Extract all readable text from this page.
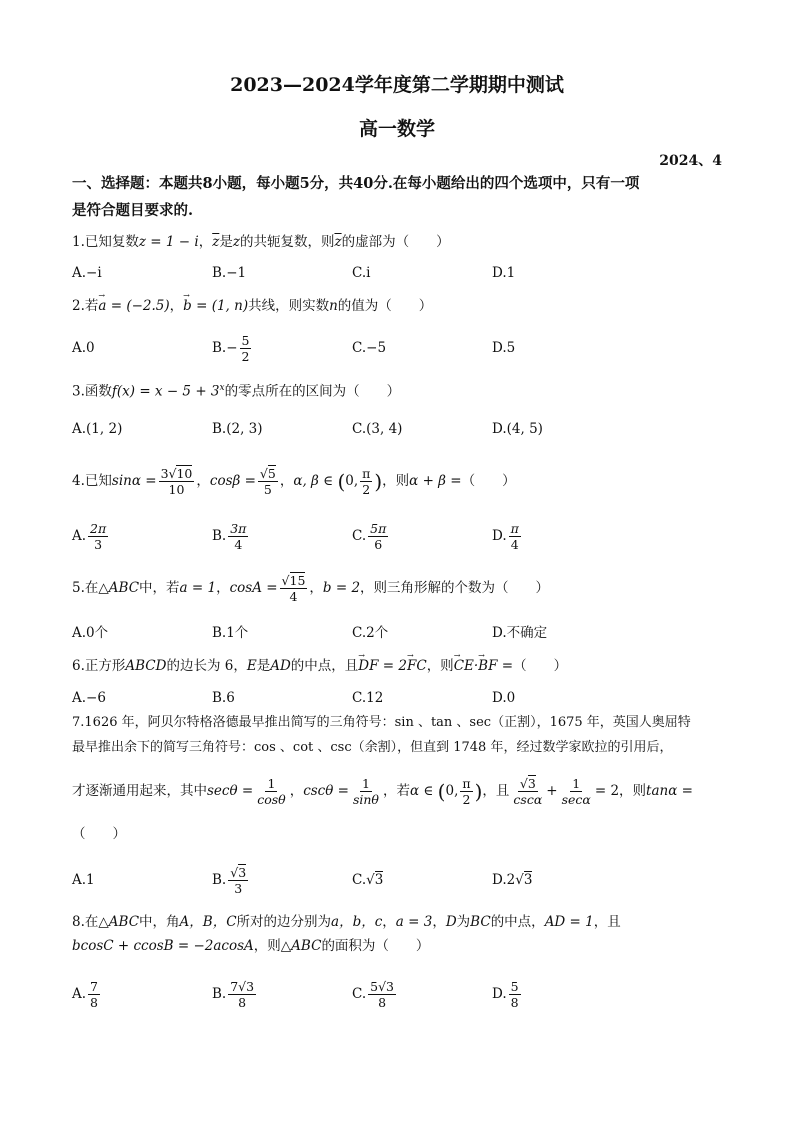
2023—2024学年度第二学期期中测试
高一数学
2024、4
一、选择题：本题共8小题，每小题5分，共40分.在每小题给出的四个选项中，只有一项
是符合题目要求的.
1.已知复数z = 1 − i，$\overline{z}$是z的共轭复数，则$\overline{z}$的虚部为（　　）
A.−i	B.−1	C.i	D.1
2.若→ a = (−2.5)，→ b = (1, n)共线，则实数n的值为（　　）
A.0	$B.- \frac{5}{2}$	C.−5	D.5
3.函数$f(x) = x - 5 + 3^x$的零点所在的区间为（　　）
A.(1, 2)	B.(2, 3)	C.(3, 4)	D.(4, 5)
4.已知$\sin\alpha = \frac{3√10}{10}$ ，$\cos\beta = \frac{√5}{5}$ ，α, β ∈ (0, $\frac{\pi}{2}$ )，则α + β =（　　）
A. $\frac{2\pi}{3}$	B. $\frac{3\pi}{4}$	C. $\frac{5\pi}{6}$	D. $\frac{\pi}{4}$
5.在△ABC中，若a = 1，$\cos A = \frac{√15}{4}$ ，b = 2，则三角形解的个数为（　　）
A.0个	B.1个	C.2个	D.不确定
6.正方形ABCD的边长为 6，E是AD的中点，且→ DF = 2→ FC，则→ CE·→ BF =（　　）
A.−6	B.6	C.12	D.0
7.1626 年，阿贝尔特格洛德最早推出简写的三角符号：sin 、tan 、sec（正割），1675 年，英国人奥屈特
最早推出余下的简写三角符号：cos 、cot 、csc（余割），但直到 1748 年，经过数学家欧拉的引用后，
才逐渐通用起来，其中$\sec\theta = \frac{1}{\cos\theta}$ ，$\csc\theta = \frac{1}{\sin\theta}$ ，若α ∈ (0, $\frac{\pi}{2}$ )，且 $\frac{√3}{\csc\alpha} + \frac{1}{\sec\alpha} = 2$，则tanα =
（　　）
A.1	B. $\frac{√3}{3}$	C. √3	D.2 √3
8.在△ABC中，角A，B，C所对的边分别为a，b，c，a = 3，D为BC的中点，AD = 1，且
bcosC + ccosB = −2acosA，则△ABC的面积为（　　）
A. $\frac{7}{8}$	B. $\frac{7√3}{8}$	C. $\frac{5√3}{8}$	D. $\frac{5}{8}$
